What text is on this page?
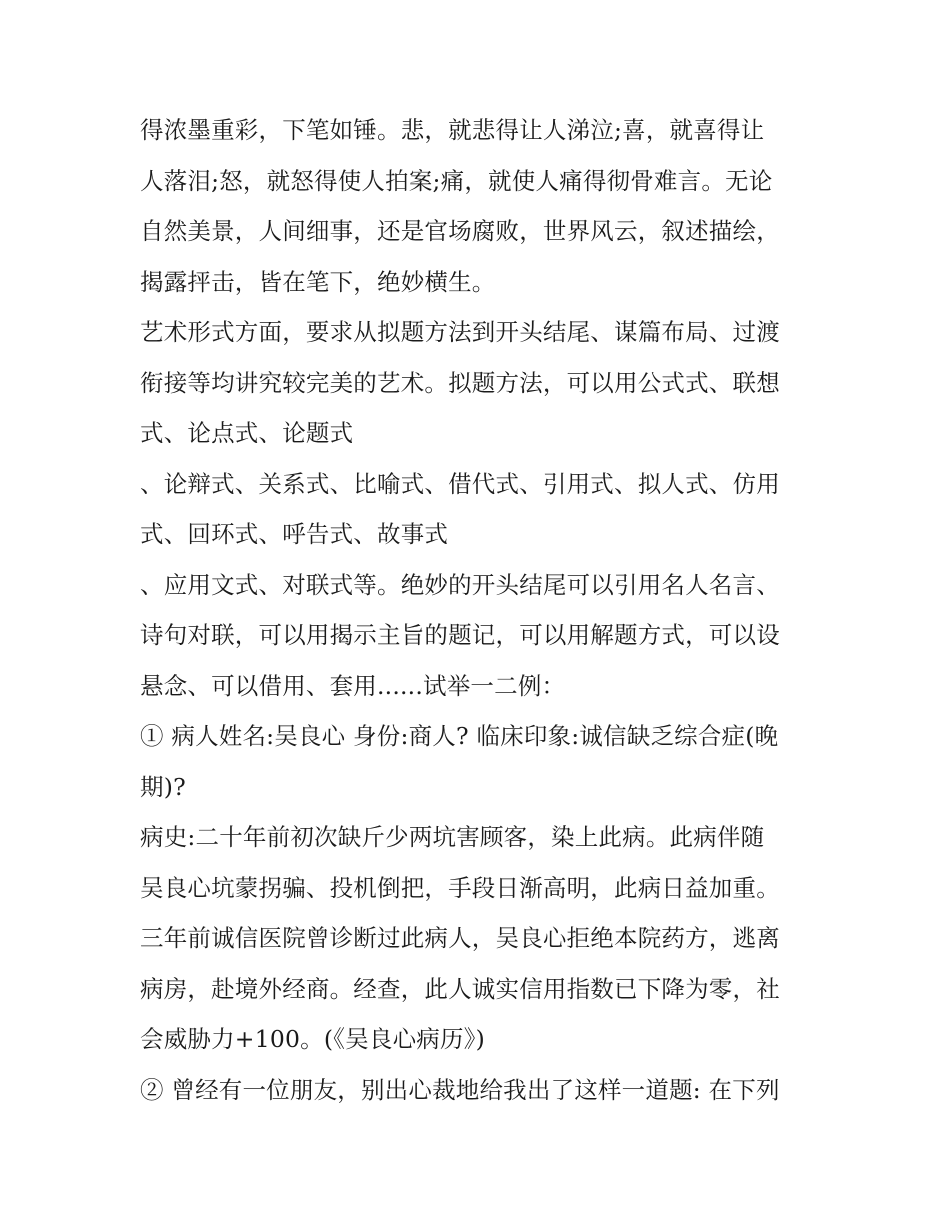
得浓墨重彩，下笔如锤。悲，就悲得让人涕泣;喜，就喜得让
人落泪;怒，就怒得使人拍案;痛，就使人痛得彻骨难言。无论
自然美景，人间细事，还是官场腐败，世界风云，叙述描绘，
揭露抨击，皆在笔下，绝妙横生。
艺术形式方面，要求从拟题方法到开头结尾、谋篇布局、过渡
衔接等均讲究较完美的艺术。拟题方法，可以用公式式、联想
式、论点式、论题式
、论辩式、关系式、比喻式、借代式、引用式、拟人式、仿用
式、回环式、呼告式、故事式
、应用文式、对联式等。绝妙的开头结尾可以引用名人名言、
诗句对联，可以用揭示主旨的题记，可以用解题方式，可以设
悬念、可以借用、套用......试举一二例：
① 病人姓名:吴良心 身份:商人? 临床印象:诚信缺乏综合症(晚
期)?
病史:二十年前初次缺斤少两坑害顾客，染上此病。此病伴随
吴良心坑蒙拐骗、投机倒把，手段日渐高明，此病日益加重。
三年前诚信医院曾诊断过此病人，吴良心拒绝本院药方，逃离
病房，赴境外经商。经查，此人诚实信用指数已下降为零，社
会威胁力+100。(《吴良心病历》)
② 曾经有一位朋友，别出心裁地给我出了这样一道题: 在下列
